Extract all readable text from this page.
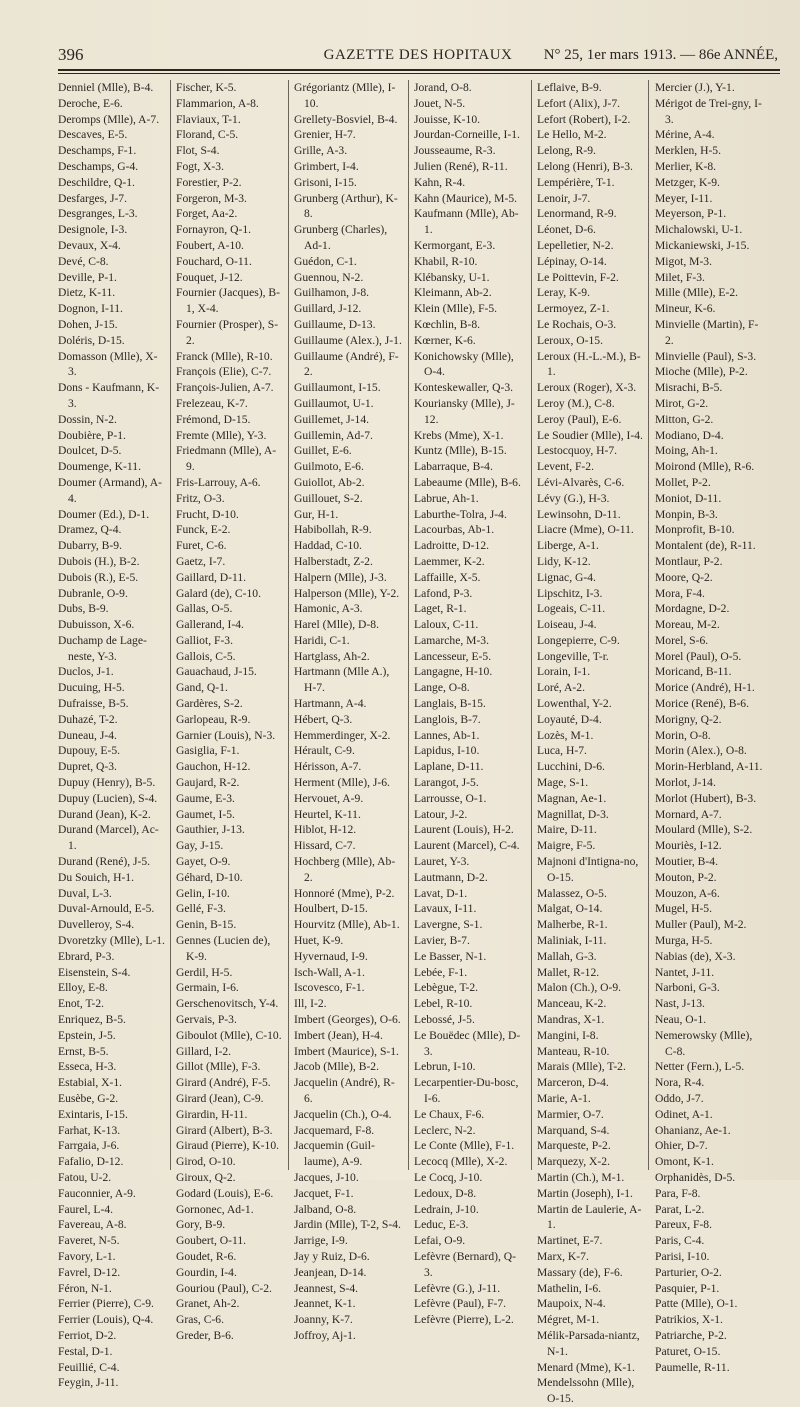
396	GAZETTE DES HOPITAUX	N° 25, 1er mars 1913. — 86e ANNÉE,
Denniel (Mlle), B-4.
Deroche, E-6.
Deromps (Mlle), A-7.
Descaves, E-5.
Deschamps, F-1.
Deschamps, G-4.
Deschildre, Q-1.
Desfarges, J-7.
Desgranges, L-3.
Designole, I-3.
Devaux, X-4.
Devé, C-8.
Deville, P-1.
Dietz, K-11.
Dognon, I-11.
Dohen, J-15.
Doléris, D-15.
Domasson (Mlle), X-3.
Dons - Kaufmann, K-3.
Dossin, N-2.
Doubière, P-1.
Doulcet, D-5.
Doumenge, K-11.
Doumer (Armand), A-4.
Doumer (Ed.), D-1.
Dramez, Q-4.
Dubarry, B-9.
Dubois (H.), B-2.
Dubois (R.), E-5.
Dubranle, O-9.
Dubs, B-9.
Dubuisson, X-6.
Duchamp de Lage-neste, Y-3.
Duclos, J-1.
Ducuing, H-5.
Dufraisse, B-5.
Duhazé, T-2.
Duneau, J-4.
Dupouy, E-5.
Dupret, Q-3.
Dupuy (Henry), B-5.
Dupuy (Lucien), S-4.
Durand (Jean), K-2.
Durand (Marcel), Ac-1.
Durand (René), J-5.
Du Souich, H-1.
Duval, L-3.
Duval-Arnould, E-5.
Duvelleroy, S-4.
Dvoretzky (Mlle), L-1.
Ebrard, P-3.
Eisenstein, S-4.
Elloy, E-8.
Enot, T-2.
Enriquez, B-5.
Epstein, J-5.
Ernst, B-5.
Esseca, H-3.
Estabial, X-1.
Eusèbe, G-2.
Exintaris, I-15.
Farhat, K-13.
Farrgaia, J-6.
Fafalio, D-12.
Fatou, U-2.
Fauconnier, A-9.
Faurel, L-4.
Favereau, A-8.
Faveret, N-5.
Favory, L-1.
Favrel, D-12.
Féron, N-1.
Ferrier (Pierre), C-9.
Ferrier (Louis), Q-4.
Ferriot, D-2.
Festal, D-1.
Feuillié, C-4.
Feygin, J-11.
Fischer, K-5.
Flammarion, A-8.
Flaviaux, T-1.
Florand, C-5.
Flot, S-4.
Fogt, X-3.
Forestier, P-2.
Forgeron, M-3.
Forget, Aa-2.
Fornayron, Q-1.
Foubert, A-10.
Fouchard, O-11.
Fouquet, J-12.
Fournier (Jacques), B-1, X-4.
Fournier (Prosper), S-2.
Franck (Mlle), R-10.
François (Elie), C-7.
François-Julien, A-7.
Frelezeau, K-7.
Frémond, D-15.
Fremte (Mlle), Y-3.
Friedmann (Mlle), A-9.
Fris-Larrouy, A-6.
Fritz, O-3.
Frucht, D-10.
Funck, E-2.
Furet, C-6.
Gaetz, I-7.
Gaillard, D-11.
Galard (de), C-10.
Gallas, O-5.
Gallerand, I-4.
Galliot, F-3.
Gallois, C-5.
Gauachaud, J-15.
Gand, Q-1.
Gardères, S-2.
Garlopeau, R-9.
Garnier (Louis), N-3.
Gasiglia, F-1.
Gauchon, H-12.
Gaujard, R-2.
Gaume, E-3.
Gaumet, I-5.
Gauthier, J-13.
Gay, J-15.
Gayet, O-9.
Géhard, D-10.
Gelin, I-10.
Gellé, F-3.
Genin, B-15.
Gennes (Lucien de), K-9.
Gerdil, H-5.
Germain, I-6.
Gerschenovitsch, Y-4.
Gervais, P-3.
Giboulot (Mlle), C-10.
Gillard, I-2.
Gillot (Mlle), F-3.
Girard (André), F-5.
Girard (Jean), C-9.
Girardin, H-11.
Girard (Albert), B-3.
Giraud (Pierre), K-10.
Girod, O-10.
Giroux, Q-2.
Godard (Louis), E-6.
Gornonec, Ad-1.
Gory, B-9.
Goubert, O-11.
Goudet, R-6.
Gourdin, I-4.
Gouriou (Paul), C-2.
Granet, Ah-2.
Gras, C-6.
Greder, B-6.
Grégoriantz (Mlle), I-10.
Grellety-Bosviel, B-4.
Grenier, H-7.
Grille, A-3.
Grimbert, I-4.
Grisoni, I-15.
Grunberg (Arthur), K-8.
Grunberg (Charles), Ad-1.
Guédon, C-1.
Guennou, N-2.
Guilhamon, J-8.
Guillard, J-12.
Guillaume, D-13.
Guillaume (Alex.), J-1.
Guillaume (André), F-2.
Guillaumont, I-15.
Guillaumot, U-1.
Guillemet, J-14.
Guillemin, Ad-7.
Guillet, E-6.
Guilmoto, E-6.
Guiollot, Ab-2.
Guillouet, S-2.
Gur, H-1.
Habibollah, R-9.
Haddad, C-10.
Halberstadt, Z-2.
Halpern (Mlle), J-3.
Halperson (Mlle), Y-2.
Hamonic, A-3.
Harel (Mlle), D-8.
Haridi, C-1.
Hartglass, Ah-2.
Hartmann (Mlle A.), H-7.
Hartmann, A-4.
Hébert, Q-3.
Hemmerdinger, X-2.
Hérault, C-9.
Hérisson, A-7.
Herment (Mlle), J-6.
Hervouet, A-9.
Heurtel, K-11.
Hiblot, H-12.
Hissard, C-7.
Hochberg (Mlle), Ab-2.
Honnoré (Mme), P-2.
Houlbert, D-15.
Hourvitz (Mlle), Ab-1.
Huet, K-9.
Hyvernaud, I-9.
Isch-Wall, A-1.
Iscovesco, F-1.
Ill, I-2.
Imbert (Georges), O-6.
Imbert (Jean), H-4.
Imbert (Maurice), S-1.
Jacob (Mlle), B-2.
Jacquelin (André), R-6.
Jacquelin (Ch.), O-4.
Jacquemard, F-8.
Jacquemin (Guil-laume), A-9.
Jacques, J-10.
Jacquet, F-1.
Jalband, O-8.
Jardin (Mlle), T-2, S-4.
Jarrige, I-9.
Jay y Ruiz, D-6.
Jeanjean, D-14.
Jeannest, S-4.
Jeannet, K-1.
Joanny, K-7.
Joffroy, Aj-1.
Jorand, O-8.
Jouet, N-5.
Jouisse, K-10.
Jourdan-Corneille, I-1.
Jousseaume, R-3.
Julien (René), R-11.
Kahn, R-4.
Kahn (Maurice), M-5.
Kaufmann (Mlle), Ab-1.
Kermorgant, E-3.
Khabil, R-10.
Klébansky, U-1.
Kleimann, Ab-2.
Klein (Mlle), F-5.
Kœchlin, B-8.
Kœrner, K-6.
Konichowsky (Mlle), O-4.
Konteskewaller, Q-3.
Kouriansky (Mlle), J-12.
Krebs (Mme), X-1.
Kuntz (Mlle), B-15.
Labarraque, B-4.
Labeaume (Mlle), B-6.
Labrue, Ah-1.
Laburthe-Tolra, J-4.
Lacourbas, Ab-1.
Ladroitte, D-12.
Laemmer, K-2.
Laffaille, X-5.
Lafond, P-3.
Laget, R-1.
Laloux, C-11.
Lamarche, M-3.
Lancesseur, E-5.
Langagne, H-10.
Lange, O-8.
Langlais, B-15.
Langlois, B-7.
Lannes, Ab-1.
Lapidus, I-10.
Laplane, D-11.
Larangot, J-5.
Larrousse, O-1.
Latour, J-2.
Laurent (Louis), H-2.
Laurent (Marcel), C-4.
Lauret, Y-3.
Lautmann, D-2.
Lavat, D-1.
Lavaux, I-11.
Lavergne, S-1.
Lavier, B-7.
Le Basser, N-1.
Lebée, F-1.
Lebègue, T-2.
Lebel, R-10.
Lebossé, J-5.
Le Bouëdec (Mlle), D-3.
Lebrun, I-10.
Lecarpentier-Du-bosc, I-6.
Le Chaux, F-6.
Leclerc, N-2.
Le Conte (Mlle), F-1.
Lecocq (Mlle), X-2.
Le Cocq, J-10.
Ledoux, D-8.
Ledrain, J-10.
Leduc, E-3.
Lefai, O-9.
Lefèvre (Bernard), Q-3.
Lefèvre (G.), J-11.
Lefèvre (Paul), F-7.
Lefèvre (Pierre), L-2.
Leflaive, B-9.
Lefort (Alix), J-7.
Lefort (Robert), I-2.
Le Hello, M-2.
Lelong, R-9.
Lelong (Henri), B-3.
Lempérière, T-1.
Lenoir, J-7.
Lenormand, R-9.
Léonet, D-6.
Lepelletier, N-2.
Lépinay, O-14.
Le Poittevin, F-2.
Leray, K-9.
Lermoyez, Z-1.
Le Rochais, O-3.
Leroux, O-15.
Leroux (H.-L.-M.), B-1.
Leroux (Roger), X-3.
Leroy (M.), C-8.
Leroy (Paul), E-6.
Le Soudier (Mlle), I-4.
Lestocquoy, H-7.
Levent, F-2.
Lévi-Alvarès, C-6.
Lévy (G.), H-3.
Lewinsohn, D-11.
Liacre (Mme), O-11.
Liberge, A-1.
Lidy, K-12.
Lignac, G-4.
Lipschitz, I-3.
Logeais, C-11.
Loiseau, J-4.
Longepierre, C-9.
Longeville, T-r.
Lorain, I-1.
Loré, A-2.
Lowenthal, Y-2.
Loyauté, D-4.
Lozès, M-1.
Luca, H-7.
Lucchini, D-6.
Mage, S-1.
Magnan, Ae-1.
Magnillat, D-3.
Maire, D-11.
Maigre, F-5.
Majnoni d'Intigna-no, O-15.
Malassez, O-5.
Malgat, O-14.
Malherbe, R-1.
Maliniak, I-11.
Mallah, G-3.
Mallet, R-12.
Malon (Ch.), O-9.
Manceau, K-2.
Mandras, X-1.
Mangini, I-8.
Manteau, R-10.
Marais (Mlle), T-2.
Marceron, D-4.
Marie, A-1.
Marmier, O-7.
Marquand, S-4.
Marqueste, P-2.
Marquezy, X-2.
Martin (Ch.), M-1.
Martin (Joseph), I-1.
Martin de Laulerie, A-1.
Martinet, E-7.
Marx, K-7.
Massary (de), F-6.
Mathelin, I-6.
Maupoix, N-4.
Mégret, M-1.
Mélik-Parsada-niantz, N-1.
Menard (Mme), K-1.
Mendelssohn (Mlle), O-15.
Mercier (J.), Y-1.
Mérigot de Trei-gny, I-3.
Mérine, A-4.
Merklen, H-5.
Merlier, K-8.
Metzger, K-9.
Meyer, I-11.
Meyerson, P-1.
Michalowski, U-1.
Mickaniewski, J-15.
Migot, M-3.
Milet, F-3.
Mille (Mlle), E-2.
Mineur, K-6.
Minvielle (Martin), F-2.
Minvielle (Paul), S-3.
Mioche (Mlle), P-2.
Misrachi, B-5.
Mirot, G-2.
Mitton, G-2.
Modiano, D-4.
Moing, Ah-1.
Moirond (Mlle), R-6.
Mollet, P-2.
Moniot, D-11.
Monpin, B-3.
Monprofit, B-10.
Montalent (de), R-11.
Montlaur, P-2.
Moore, Q-2.
Mora, F-4.
Mordagne, D-2.
Moreau, M-2.
Morel, S-6.
Morel (Paul), O-5.
Moricand, B-11.
Morice (André), H-1.
Morice (René), B-6.
Morigny, Q-2.
Morin, O-8.
Morin (Alex.), O-8.
Morin-Herbland, A-11.
Morlot, J-14.
Morlot (Hubert), B-3.
Mornard, A-7.
Moulard (Mlle), S-2.
Mouriès, I-12.
Moutier, B-4.
Mouton, P-2.
Mouzon, A-6.
Mugel, H-5.
Muller (Paul), M-2.
Murga, H-5.
Nabias (de), X-3.
Nantet, J-11.
Narboni, G-3.
Nast, J-13.
Neau, O-1.
Nemerowsky (Mlle), C-8.
Netter (Fern.), L-5.
Nora, R-4.
Oddo, J-7.
Odinet, A-1.
Ohanianz, Ae-1.
Ohier, D-7.
Omont, K-1.
Orphanidès, D-5.
Para, F-8.
Parat, L-2.
Pareux, F-8.
Paris, C-4.
Parisi, I-10.
Parturier, O-2.
Pasquier, P-1.
Patte (Mlle), O-1.
Patrikios, X-1.
Patriarche, P-2.
Paturet, O-15.
Paumelle, R-11.
